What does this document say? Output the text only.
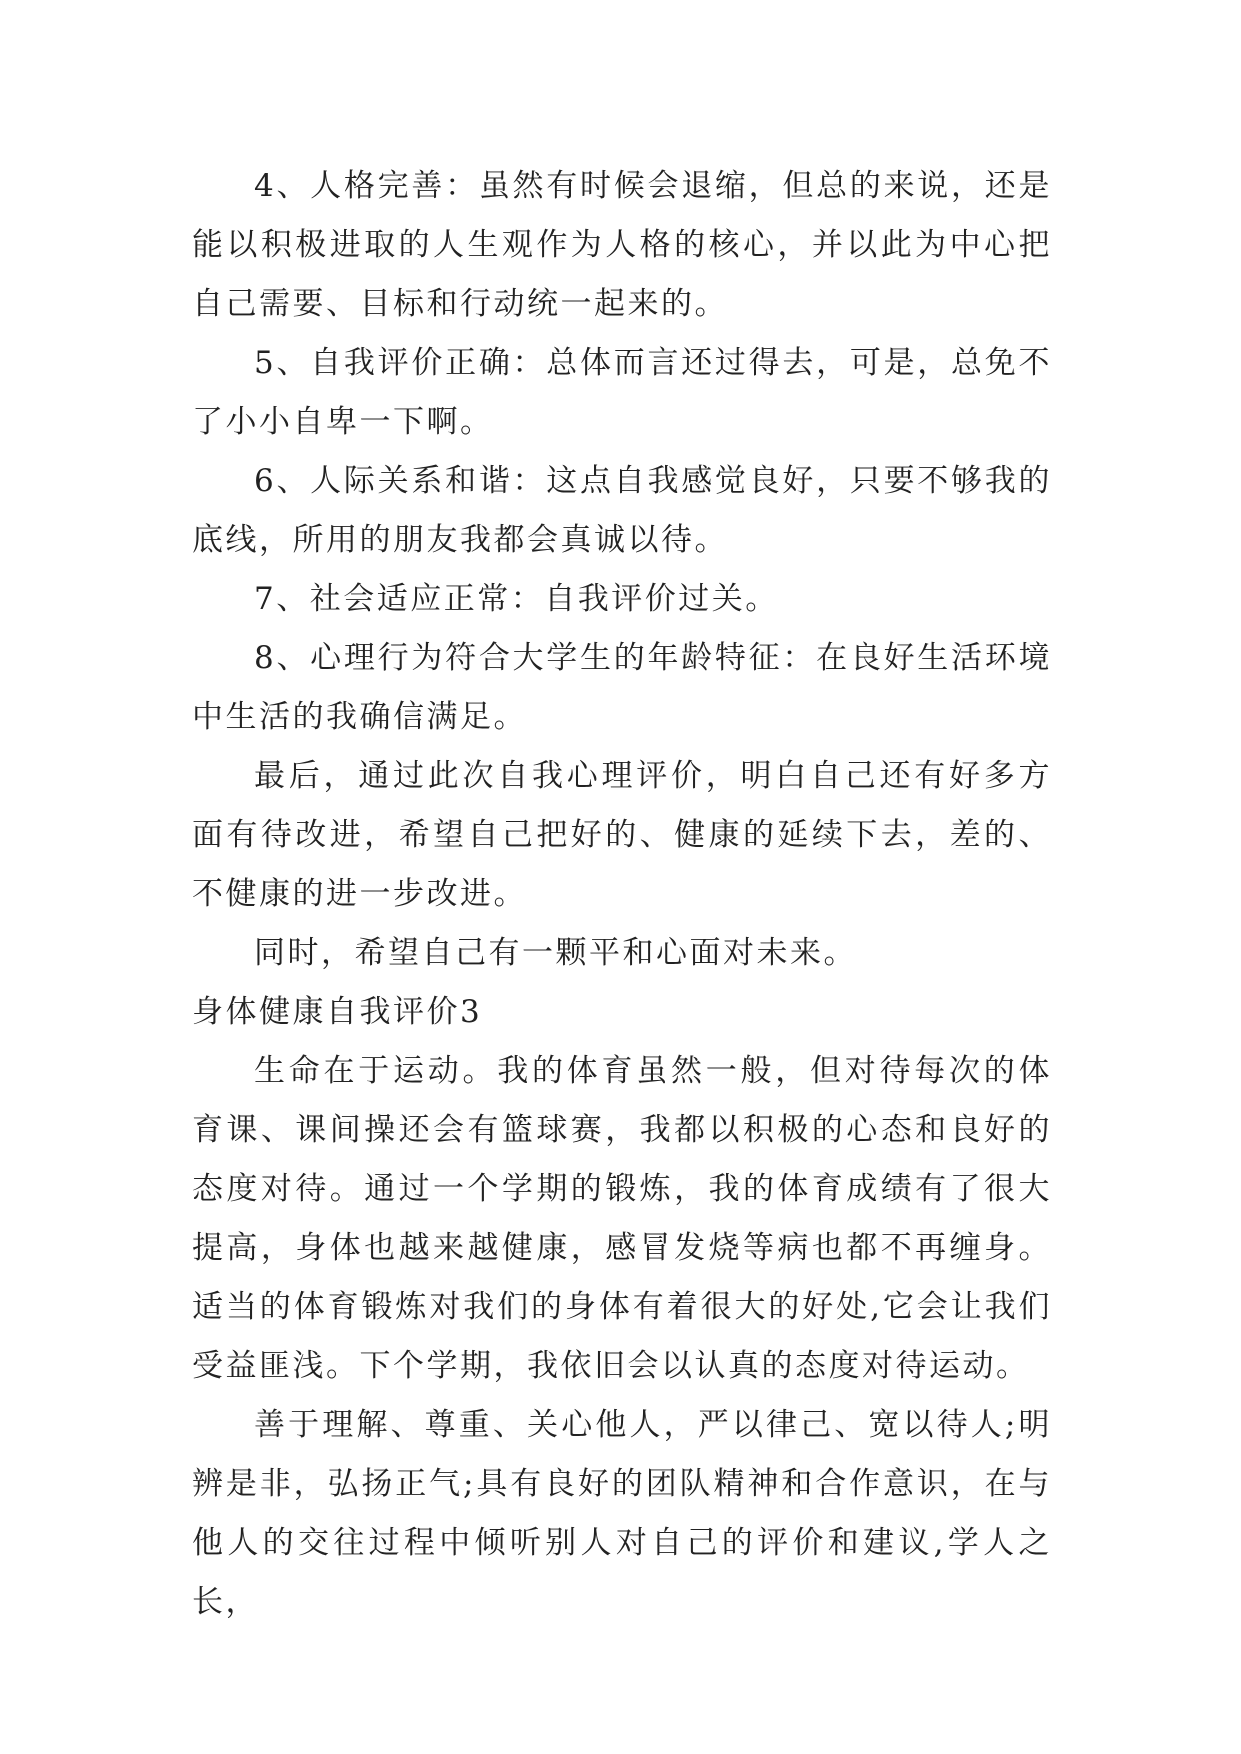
4、人格完善：虽然有时候会退缩，但总的来说，还是能以积极进取的人生观作为人格的核心，并以此为中心把自己需要、目标和行动统一起来的。

5、自我评价正确：总体而言还过得去，可是，总免不了小小自卑一下啊。

6、人际关系和谐：这点自我感觉良好，只要不够我的底线，所用的朋友我都会真诚以待。

7、社会适应正常：自我评价过关。

8、心理行为符合大学生的年龄特征：在良好生活环境中生活的我确信满足。

最后，通过此次自我心理评价，明白自己还有好多方面有待改进，希望自己把好的、健康的延续下去，差的、不健康的进一步改进。

同时，希望自己有一颗平和心面对未来。

身体健康自我评价3

生命在于运动。我的体育虽然一般，但对待每次的体育课、课间操还会有篮球赛，我都以积极的心态和良好的态度对待。通过一个学期的锻炼，我的体育成绩有了很大提高，身体也越来越健康，感冒发烧等病也都不再缠身。适当的体育锻炼对我们的身体有着很大的好处,它会让我们受益匪浅。下个学期，我依旧会以认真的态度对待运动。

善于理解、尊重、关心他人，严以律己、宽以待人;明辨是非，弘扬正气;具有良好的团队精神和合作意识，在与他人的交往过程中倾听别人对自己的评价和建议,学人之长，
